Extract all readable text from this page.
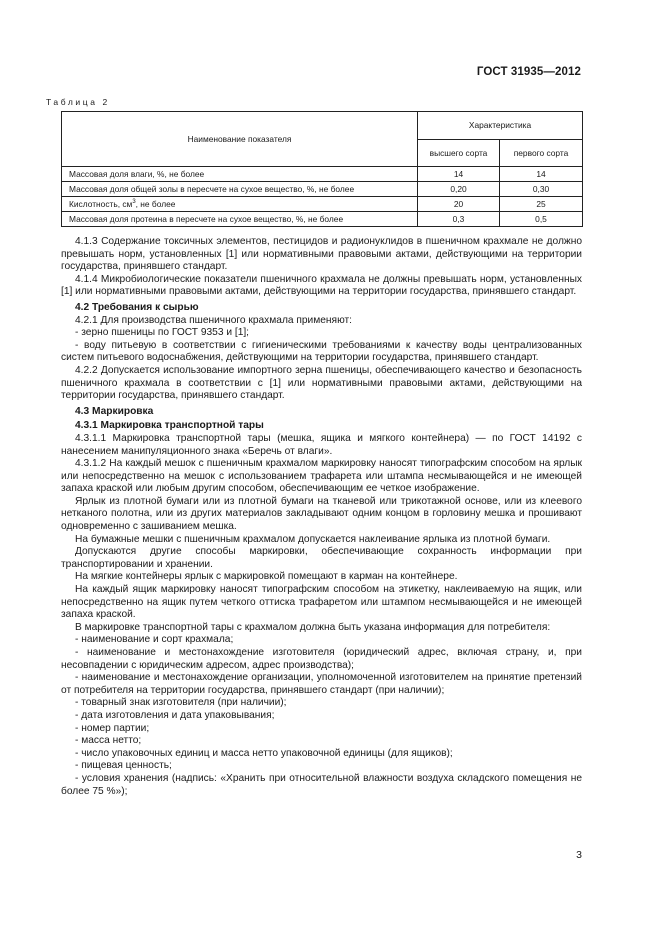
ГОСТ 31935—2012
Таблица 2
Наименование показателя	Характеристика	
	высшего сорта	первого сорта
Массовая доля влаги, %, не более	14	14
Массовая доля общей золы в пересчете на сухое вещество, %, не более	0,20	0,30
Кислотность, $см^3$, не более	20	25
Массовая доля протеина в пересчете на сухое вещество, %, не более	0,3	0,5

4.1.3 Содержание токсичных элементов, пестицидов и радионуклидов в пшеничном крахмале не должно превышать норм, установленных [1] или нормативными правовыми актами, действующими на территории государства, принявшего стандарт.

4.1.4 Микробиологические показатели пшеничного крахмала не должны превышать норм, установленных [1] или нормативными правовыми актами, действующими на территории государства, принявшего стандарт.

4.2 Требования к сырью

4.2.1 Для производства пшеничного крахмала применяют:

- зерно пшеницы по ГОСТ 9353 и [1];

- воду питьевую в соответствии с гигиеническими требованиями к качеству воды централизованных систем питьевого водоснабжения, действующими на территории государства, принявшего стандарт.

4.2.2 Допускается использование импортного зерна пшеницы, обеспечивающего качество и безопасность пшеничного крахмала в соответствии с [1] или нормативными правовыми актами, действующими на территории государства, принявшего стандарт.

4.3 Маркировка

4.3.1 Маркировка транспортной тары

4.3.1.1 Маркировка транспортной тары (мешка, ящика и мягкого контейнера) — по ГОСТ 14192 с нанесением манипуляционного знака «Беречь от влаги».

4.3.1.2 На каждый мешок с пшеничным крахмалом маркировку наносят типографским способом на ярлык или непосредственно на мешок с использованием трафарета или штампа несмывающейся и не имеющей запаха краской или любым другим способом, обеспечивающим ее четкое изображение.

Ярлык из плотной бумаги или из плотной бумаги на тканевой или трикотажной основе, или из клеевого нетканого полотна, или из других материалов закладывают одним концом в горловину мешка и прошивают одновременно с зашиванием мешка.

На бумажные мешки с пшеничным крахмалом допускается наклеивание ярлыка из плотной бумаги.

Допускаются другие способы маркировки, обеспечивающие сохранность информации при транспортировании и хранении.

На мягкие контейнеры ярлык с маркировкой помещают в карман на контейнере.

На каждый ящик маркировку наносят типографским способом на этикетку, наклеиваемую на ящик, или непосредственно на ящик путем четкого оттиска трафаретом или штампом несмывающейся и не имеющей запаха краской.

В маркировке транспортной тары с крахмалом должна быть указана информация для потребителя:

- наименование и сорт крахмала;

- наименование и местонахождение изготовителя (юридический адрес, включая страну, и, при несовпадении с юридическим адресом, адрес производства);

- наименование и местонахождение организации, уполномоченной изготовителем на принятие претензий от потребителя на территории государства, принявшего стандарт (при наличии);

- товарный знак изготовителя (при наличии);

- дата изготовления и дата упаковывания;

- номер партии;

- масса нетто;

- число упаковочных единиц и масса нетто упаковочной единицы (для ящиков);

- пищевая ценность;

- условия хранения (надпись: «Хранить при относительной влажности воздуха складского помещения не более 75 %»);

3
